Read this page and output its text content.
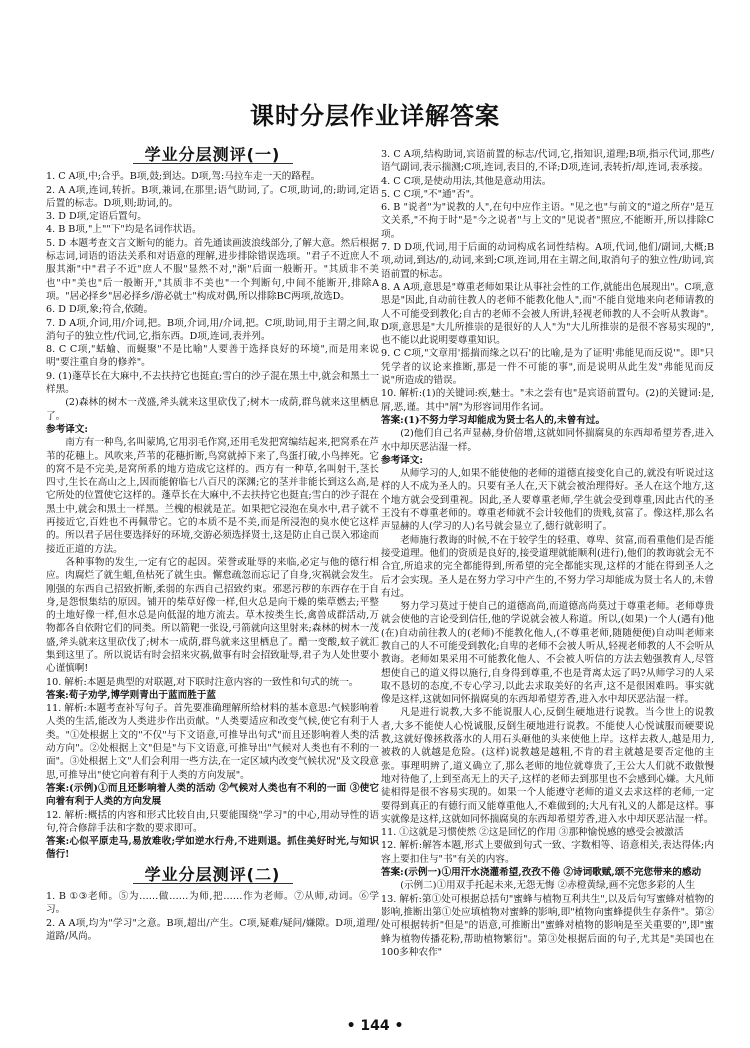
课时分层作业详解答案
学业分层测评(一)

1. C A项,中;合乎。B项,鼓;到达。D项,驾:马拉车走一天的路程。

2. A A项,连词,转折。B项,兼词,在那里;语气助词,了。C项,助词,的;助词,定语后置的标志。D项,则;助词,的。

3. D D项,定语后置句。

4. B B项,"上""下"均是名词作状语。

5. D 本题考查文言文断句的能力。首先通读画波浪线部分,了解大意。然后根据标志词,词语的语法关系和对语意的理解,进步排除错误选项。"君子不近庶人不服其渐"中"君子不近"庶人不服"显然不对,"渐"后面一般断开。"其质非不美也"中"美也"后一般断开,"其质非不美也"一个判断句,中间不能断开,排除A项。"居必择乡"居必择乡/游必就士"构成对偶,所以排除BC两项,故选D。

6. D D项,象;符合,依随。

7. D A项,介词,用/介词,把。B项,介词,用/介词,把。C项,助词,用于主谓之间,取消句子的独立性/代词,它,指东西。D项,连词,表并列。

8. C C项,"蛞蝓、而蜒聚"不是比喻"人要善于选择良好的环境",而是用来说明"要注重自身的修养"。

9. (1)蓬草长在大麻中,不去扶持它也挺直;雪白的沙子混在黑土中,就会和黑土一样黑。

(2)森林的树木一茂盛,斧头就来这里砍伐了;树木一成荫,群鸟就来这里栖息了。

参考译文:

南方有一种鸟,名叫蒙鸠,它用羽毛作窝,还用毛发把窝编结起来,把窝系在芦苇的花穗上。风吹来,芦苇的花穗折断,鸟窝就掉下来了,鸟蛋打破,小鸟摔死。它的窝不是不完美,是窝所系的地方造成它这样的。西方有一种草,名叫射干,茎长四寸,生长在高山之上,因而能俯临七八百尺的深渊;它的茎并非能长到这么高,是它所处的位置使它这样的。蓬草长在大麻中,不去扶持它也挺直;雪白的沙子混在黑土中,就会和黑土一样黑。兰槐的根就是芷。如果把它浸泡在臭水中,君子就不再接近它,百姓也不再佩带它。它的本质不是不美,而是所浸泡的臭水使它这样的。所以君子居住要选择好的环境,交游必须选择贤士,这是防止自己误入邪途而接近正道的方法。

各种事物的发生,一定有它的起因。荣誉或耻辱的来临,必定与他的德行相应。肉腐烂了就生蛆,鱼枯死了就生虫。懈怠疏忽而忘记了自身,灾祸就会发生。刚强的东西自己招致折断,柔弱的东西自己招致约束。邪恶污秽的东西存在于自身,是怨恨集结的原因。铺开的柴草好像一样,但火总是向干燥的柴草燃去;平整的土地好像一样,但水总是向低湿的地方流去。草木按类生长,禽兽成群活动,万物都各自依附它们的同类。所以箭靶一张设,弓箭就向这里射来;森林的树木一茂盛,斧头就来这里砍伐了;树木一成荫,群鸟就来这里栖息了。醋一变酸,蚊子就汇集到这里了。所以说话有时会招来灾祸,做事有时会招致耻辱,君子为人处世要小心谨慎啊!

10. 解析:本题是典型的对联题,对下联时注意内容的一致性和句式的统一。

答案:荀子劝学,博学则青出于蓝而胜于蓝

11. 解析:本题考查补写句子。首先要准确理解所给材料的基本意思:气候影响着人类的生活,能改为人类进步作出贡献。"人类要适应和改变气候,使它有利于人类。"①处根据上文的"不仅"与下文语意,可推导出句式"而且还影响着人类的活动方向"。②处根据上文"但是"与下文语意,可推导出"气候对人类也有不利的一面"。③处根据上文"人们会利用一些方法,在一定区域内改变气候状况"及文段意思,可推导出"使它向着有利于人类的方向发展"。

答案:(示例)①而且还影响着人类的活动 ②气候对人类也有不利的一面 ③使它向着有利于人类的方向发展

12. 解析:概括的内容和形式比较自由,只要能围绕"学习"的中心,用动导性的语句,符合修辞手法和字数的要求即可。

答案:心似平原走马,易放难收;学如逆水行舟,不进则退。抓住美好时光,与知识偕行!

学业分层测评(二)

1. B ①③老师。⑤为……做……为师,把……作为老师。⑦从师,动词。⑥学习。

2. A A项,均为"学习"之意。B项,超出/产生。C项,疑难/疑问/嫌隙。D项,道理/道路/风尚。

3. C A项,结构助词,宾语前置的标志/代词,它,指知识,道理;B项,指示代词,那些/语气副词,表示揣测;C项,连词,表目的,不译;D项,连词,表转折/却,连词,表承接。

4. C C项,是使动用法,其他是意动用法。

5. C C项,"不"通"否"。

6. B "说者"为"说教的人",在句中应作主语。"见之也"与前文的"道之所存"是互文关系,"不拘于时"是"今之说者"与上文的"见说者"照应,不能断开,所以排除C项。

7. D D项,代词,用于后面的动词构成名词性结构。A项,代词,他们/副词,大概;B项,动词,到达/的,动词,来到;C项,连词,用在主谓之间,取消句子的独立性/助词,宾语前置的标志。

8. A A项,意思是"尊重老师如果让从事社会性的工作,就能出色展现出"。C项,意思是"因此,自动前往教人的老师不能教化他人",而"不能自觉地来向老师请教的人不可能受到教化;自古的老师不会被人所讲,轻视老师教的人不会听从教诲"。D项,意思是"大儿所推崇的是很好的人人"为"大儿所推崇的是很不容易实现的",也不能以此说明要尊重知识。

9. C C项,"文章用'摇揣而缘之以石'的比喻,是为了证明'弗能见而反说'"。即"只凭学者的议论来推断,那是一件不可能的事",而是说明从此生发"弗能见而反说"所造成的错误。

10. 解析:(1)的关键词:疾,魅士。"未之尝有也"是宾语前置句。(2)的关键词:是,屑,恶,谨。其中"屑"为形容词用作名词。

答案:(1)不努力学习却能成为贤士名人的,未曾有过。

(2)他们自己名声显赫,身价倍增,这就如同怀揣腐臭的东西却希望芳香,进入水中却厌恶沾湿一样。

参考译文:

从师学习的人,如果不能使他的老师的道德直接变化自己的,就没有听说过这样的人不成为圣人的。只要有圣人在,天下就会被治理得好。圣人在这个地方,这个地方就会受到重视。因此,圣人要尊重老师,学生就会受到尊重,因此古代的圣王没有不尊重老师的。尊重老师就不会计较他们的贵贱,贫富了。像这样,那么名声显赫的人(学习的人)名号就会显立了,德行就彰明了。

老师施行教诲的时候,不在于较学生的轻重、尊卑、贫富,而看重他们是否能接受道理。他们的资质是良好的,接受道理就能顺利(进行),他们的教诲就会无不合宜,所追求的完全都能得到,所希望的完全都能实现,这样的才能在得到圣人之后才会实现。圣人是在努力学习中产生的,不努力学习却能成为贤士名人的,未曾有过。

努力学习莫过于使自己的道德高尚,而道德高尚莫过于尊重老师。老师尊贵就会使他的言论受到信任,他的学说就会被人称道。所以,(如果)一个人(遇有)他(在)自动前往教人的(老师)不能教化他人,(不尊重老师,随随便便)自动叫老师来教自己的人不可能受到教化;自卑的老师不会被人听从,轻视老师教的人不会听从教诲。老师如果采用不可能教化他人、不会被人听信的方法去勉强教育人,尽管想使自己的道义得以施行,自身得到尊重,不也是背离太远了吗?从师学习的人采取不恳切的态度,不专心学习,以此去求取美好的名声,这不是很困难吗。事实就像是这样,这就如同怀揣腐臭的东西却希望芳香,进入水中却厌恶沾湿一样。

凡是进行说教,大多不能说服人心,反倒生硬地进行说教。当今世上的说教者,大多不能使人心悦诚服,反倒生硬地进行说教。不能使人心悦诚服而硬要说教,这就好像拯救落水的人用石头砸他的头来使他上岸。这样去救人,越是用力,被救的人就越是危险。(这样)说教越是越粗,不肯的君主就越是要否定他的主张。事理明辨了,道义确立了,那么老师的地位就尊贵了,王公大人们就不敢傲慢地对待他了,上到至高无上的天子,这样的老师去到那里也不会感到心嫌。大凡师徒相得是很不容易实现的。如果一个人能遵守老师的道义去求这样的老师,一定要得到真正的有德行而又能尊重他人,不难做到的;大凡有礼义的人都是这样。事实就像是这样,这就如同怀揣腐臭的东西却希望芳香,进入水中却厌恶沾湿一样。

11. ①这就是习惯使然 ②这是回忆的作用 ③那种愉悦感的感受会被激活

12. 解析:解答本题,形式上要做到句式一致、字数相等、语意相关,表达得体;内容上要扣住与"书"有关的内容。

答案:(示例一)①用汗水浇灌希望,孜孜不倦 ②诗词歌赋,颂不完您带来的感动

(示例二)①用双手托起未来,无怨无悔 ②赤橙黄绿,画不完您多彩的人生

13. 解析:第①处可根据总括句"蜜蜂与植物互利共生",以及后句写蜜蜂对植物的影响,推断出第①处应填植物对蜜蜂的影响,即"植物向蜜蜂提供生存条件"。第②处可根据转折"但是"的语意,可推断出"蜜蜂对植物的影响是至关重要的",即"蜜蜂为植物传播花粉,帮助植物繁衍"。第③处根据后面的句子,尤其是"美国也在100多种农作"

• 144 •
